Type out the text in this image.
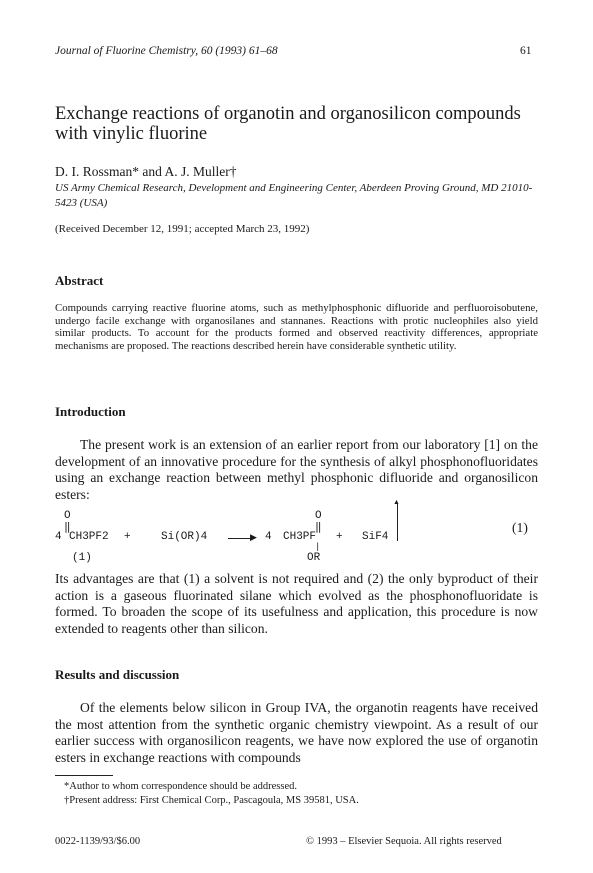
Journal of Fluorine Chemistry, 60 (1993) 61–68	61
Exchange reactions of organotin and organosilicon compounds with vinylic fluorine
D. I. Rossman* and A. J. Muller†
US Army Chemical Research, Development and Engineering Center, Aberdeen Proving Ground, MD 21010-5423 (USA)
(Received December 12, 1991; accepted March 23, 1992)
Abstract
Compounds carrying reactive fluorine atoms, such as methylphosphonic difluoride and perfluoroisobutene, undergo facile exchange with organosilanes and stannanes. Reactions with protic nucleophiles also yield similar products. To account for the products formed and observed reactivity differences, appropriate mechanisms are proposed. The reactions described herein have considerable synthetic utility.
Introduction
The present work is an extension of an earlier report from our laboratory [1] on the development of an innovative procedure for the synthesis of alkyl phosphonofluoridates using an exchange reaction between methyl phosphonic difluoride and organosilicon esters:
O
‖
4 CH3PF2 +	Si(OR)4	▶ 4 CH3PF
O
‖
|
OR
+ SiF4
▲
(1)
(1)
Its advantages are that (1) a solvent is not required and (2) the only byproduct of their action is a gaseous fluorinated silane which evolved as the phosphonofluoridate is formed. To broaden the scope of its usefulness and application, this procedure is now extended to reagents other than silicon.
Results and discussion
Of the elements below silicon in Group IVA, the organotin reagents have received the most attention from the synthetic organic chemistry viewpoint. As a result of our earlier success with organosilicon reagents, we have now explored the use of organotin esters in exchange reactions with compounds
*Author to whom correspondence should be addressed.
†Present address: First Chemical Corp., Pascagoula, MS 39581, USA.
0022-1139/93/$6.00	© 1993 – Elsevier Sequoia. All rights reserved
